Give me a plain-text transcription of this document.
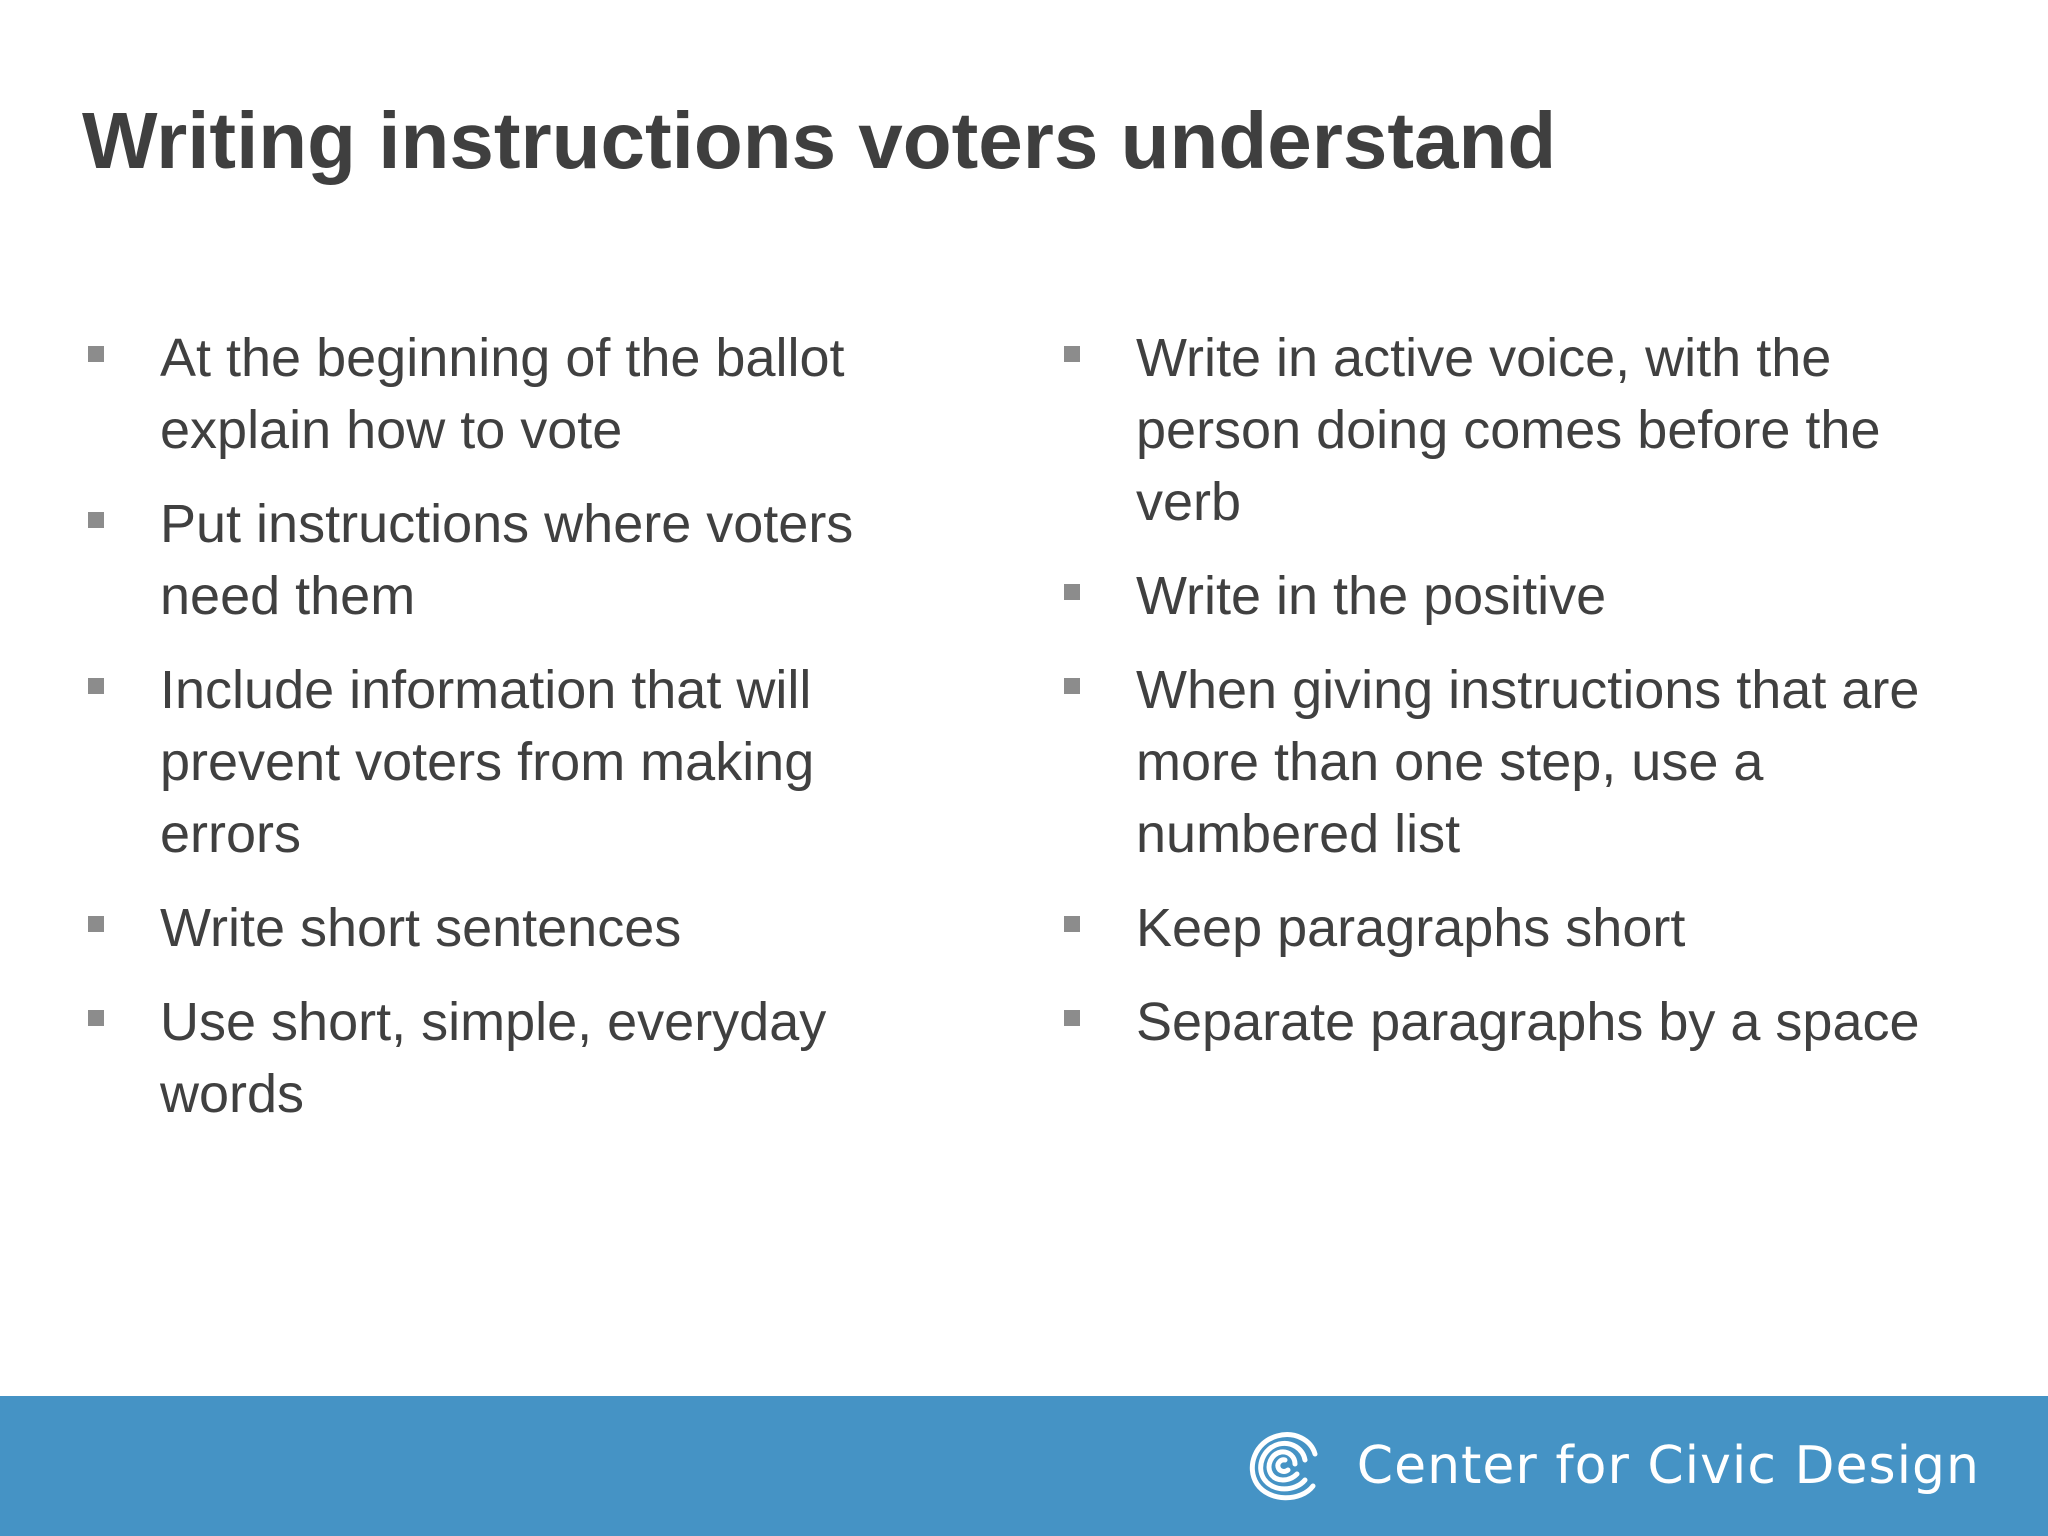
Writing instructions voters understand
At the beginning of the ballot explain how to vote
Put instructions where voters need them
Include information that will prevent voters from making errors
Write short sentences
Use short, simple, everyday words
Write in active voice, with the person doing comes before the verb
Write in the positive
When giving instructions that are more than one step, use a numbered list
Keep paragraphs short
Separate paragraphs by a space
Center for Civic Design
